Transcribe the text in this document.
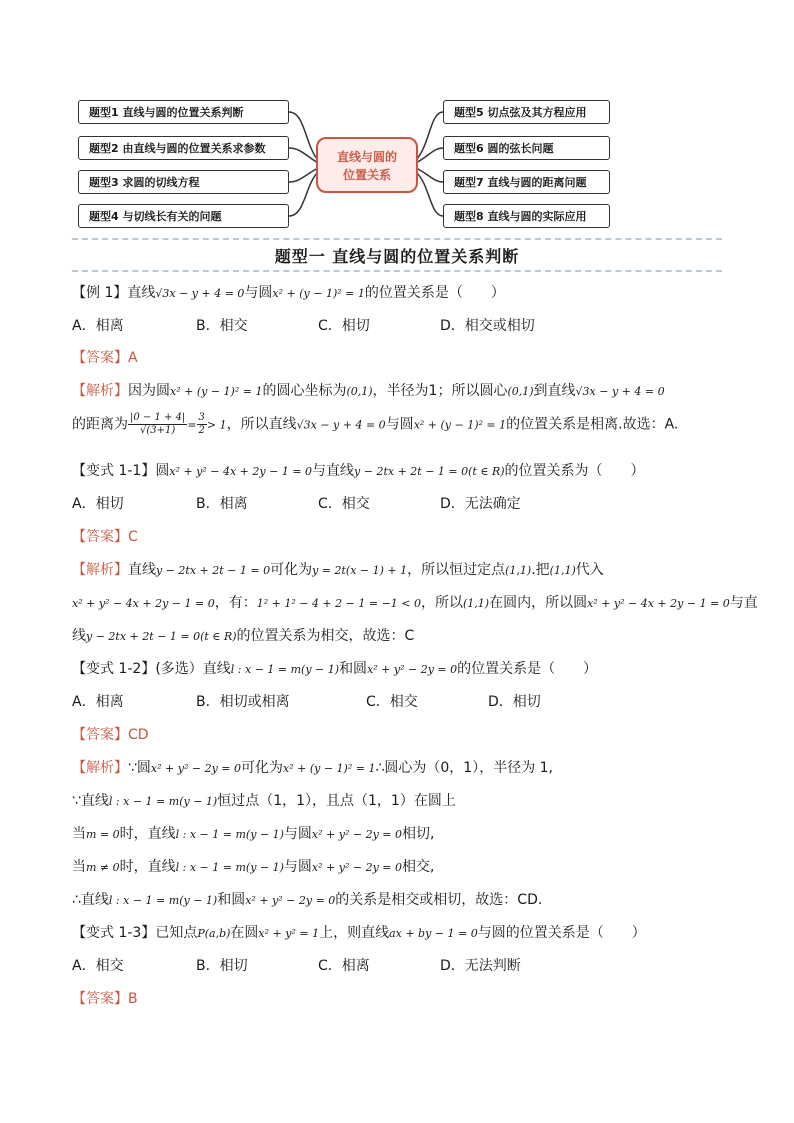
题型1 直线与圆的位置关系判断
题型2 由直线与圆的位置关系求参数
题型3 求圆的切线方程
题型4 与切线长有关的问题
题型5 切点弦及其方程应用
题型6 圆的弦长问题
题型7 直线与圆的距离问题
题型8 直线与圆的实际应用
直线与圆的
位置关系
题型一 直线与圆的位置关系判断
【例 1】直线√3x − y + 4 = 0与圆x² + (y − 1)² = 1的位置关系是（　　）
A．相离	B．相交	C．相切	D．相交或相切
【答案】A
【解析】因为圆x² + (y − 1)² = 1的圆心坐标为(0,1)，半径为1；所以圆心(0,1)到直线√3x − y + 4 = 0
的距离为 $\frac{|0 - 1 + 4|}{√(3+1)} = \frac{3}{2} > 1$，所以直线√3x − y + 4 = 0与圆x² + (y − 1)² = 1的位置关系是相离.故选：A.
【变式 1-1】圆x² + y² − 4x + 2y − 1 = 0与直线y − 2tx + 2t − 1 = 0(t ∈ R)的位置关系为（　　）
A．相切	B．相离	C．相交	D．无法确定
【答案】C
【解析】直线y − 2tx + 2t − 1 = 0可化为y = 2t(x − 1) + 1，所以恒过定点(1,1).把(1,1)代入
x² + y² − 4x + 2y − 1 = 0，有：1² + 1² − 4 + 2 − 1 = −1 < 0，所以(1,1)在圆内，所以圆x² + y² − 4x + 2y − 1 = 0与直
线y − 2tx + 2t − 1 = 0(t ∈ R)的位置关系为相交，故选：C
【变式 1-2】(多选）直线l : x − 1 = m(y − 1)和圆x² + y² − 2y = 0的位置关系是（　　）
A．相离	B．相切或相离	C．相交	D．相切
【答案】CD
【解析】∵圆x² + y² − 2y = 0可化为x² + (y − 1)² = 1∴圆心为（0，1），半径为 1,
∵直线l : x − 1 = m(y − 1)恒过点（1，1），且点（1，1）在圆上
当m = 0时，直线l : x − 1 = m(y − 1)与圆x² + y² − 2y = 0相切,
当m ≠ 0时，直线l : x − 1 = m(y − 1)与圆x² + y² − 2y = 0相交,
∴直线l : x − 1 = m(y − 1)和圆x² + y² − 2y = 0的关系是相交或相切，故选：CD.
【变式 1-3】已知点P(a,b)在圆x² + y² = 1上，则直线ax + by − 1 = 0与圆的位置关系是（　　）
A．相交	B．相切	C．相离	D．无法判断
【答案】B
